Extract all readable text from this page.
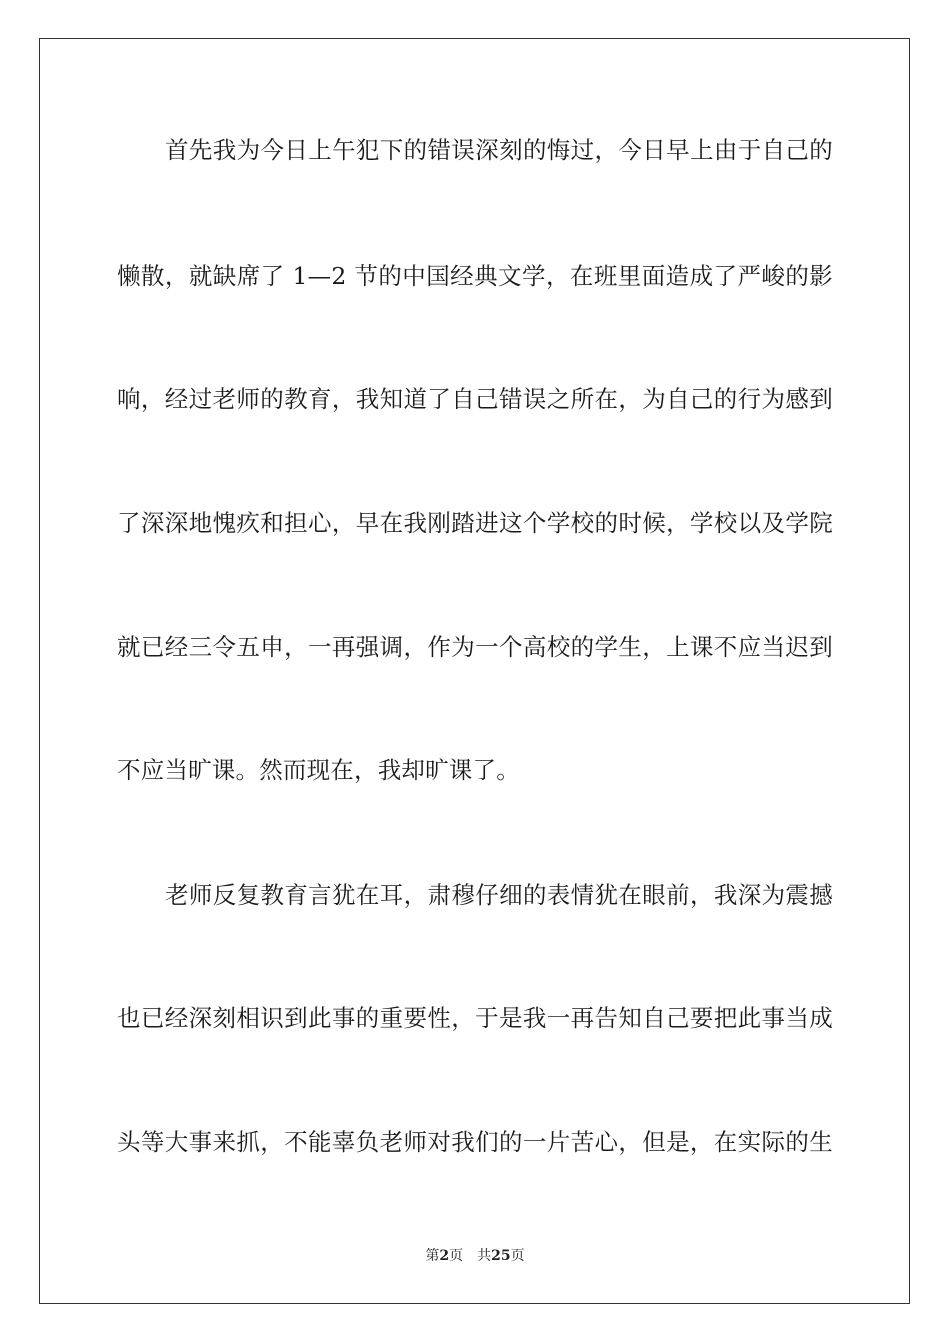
首先我为今日上午犯下的错误深刻的悔过，今日早上由于自己的
懒散，就缺席了 1—2 节的中国经典文学，在班里面造成了严峻的影
响，经过老师的教育，我知道了自己错误之所在，为自己的行为感到
了深深地愧疚和担心，早在我刚踏进这个学校的时候，学校以及学院
就已经三令五申，一再强调，作为一个高校的学生，上课不应当迟到
不应当旷课。然而现在，我却旷课了。
老师反复教育言犹在耳，肃穆仔细的表情犹在眼前，我深为震撼
也已经深刻相识到此事的重要性，于是我一再告知自己要把此事当成
头等大事来抓，不能辜负老师对我们的一片苦心，但是，在实际的生
第2页 共25页
